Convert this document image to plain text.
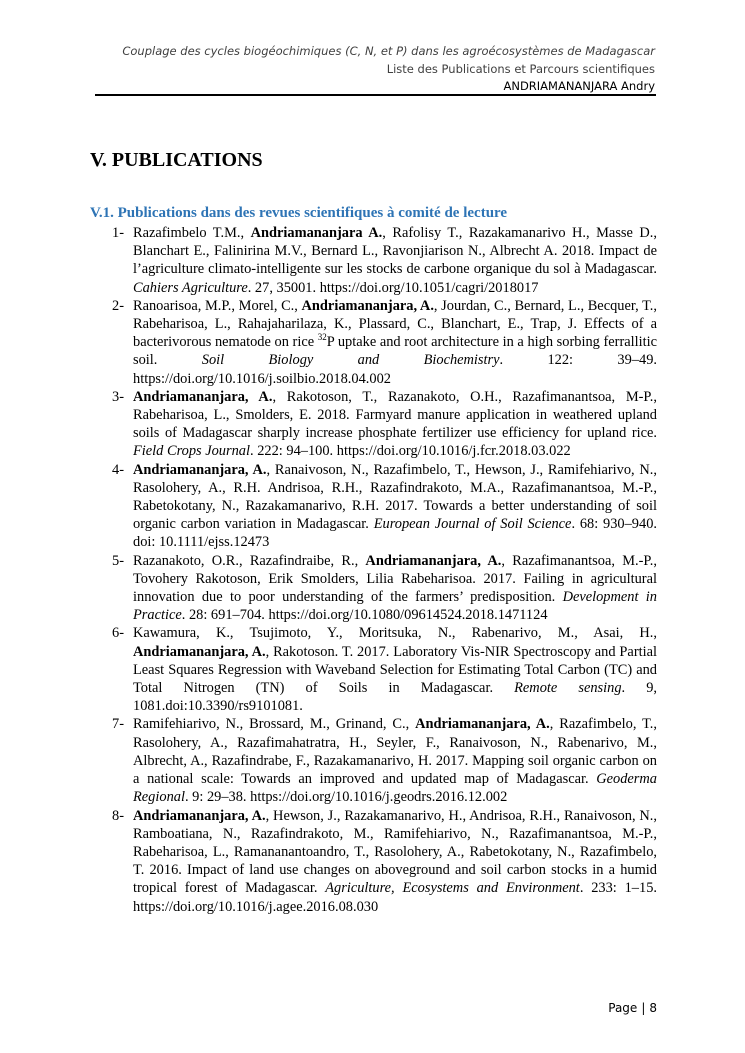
Couplage des cycles biogéochimiques (C, N, et P) dans les agroécosystèmes de Madagascar
Liste des Publications et Parcours scientifiques
ANDRIAMANANJARA Andry
V. PUBLICATIONS
V.1. Publications dans des revues scientifiques à comité de lecture
1- Razafimbelo T.M., Andriamananjara A., Rafolisy T., Razakamanarivo H., Masse D., Blanchart E., Falinirina M.V., Bernard L., Ravonjiarison N., Albrecht A. 2018. Impact de l’agriculture climato-intelligente sur les stocks de carbone organique du sol à Madagascar. Cahiers Agriculture. 27, 35001. https://doi.org/10.1051/cagri/2018017
2- Ranoarisoa, M.P., Morel, C., Andriamananjara, A., Jourdan, C., Bernard, L., Becquer, T., Rabeharisoa, L., Rahajaharilaza, K., Plassard, C., Blanchart, E., Trap, J. Effects of a bacterivorous nematode on rice $^{32}$P uptake and root architecture in a high sorbing ferrallitic soil. Soil Biology and Biochemistry. 122: 39–49. https://doi.org/10.1016/j.soilbio.2018.04.002
3- Andriamananjara, A., Rakotoson, T., Razanakoto, O.H., Razafimanantsoa, M-P., Rabeharisoa, L., Smolders, E. 2018. Farmyard manure application in weathered upland soils of Madagascar sharply increase phosphate fertilizer use efficiency for upland rice. Field Crops Journal. 222: 94–100. https://doi.org/10.1016/j.fcr.2018.03.022
4- Andriamananjara, A., Ranaivoson, N., Razafimbelo, T., Hewson, J., Ramifehiarivo, N., Rasolohery, A., R.H. Andrisoa, R.H., Razafindrakoto, M.A., Razafimanantsoa, M.-P., Rabetokotany, N., Razakamanarivo, R.H. 2017. Towards a better understanding of soil organic carbon variation in Madagascar. European Journal of Soil Science. 68: 930–940. doi: 10.1111/ejss.12473
5- Razanakoto, O.R., Razafindraibe, R., Andriamananjara, A., Razafimanantsoa, M.-P., Tovohery Rakotoson, Erik Smolders, Lilia Rabeharisoa. 2017. Failing in agricultural innovation due to poor understanding of the farmers’ predisposition. Development in Practice. 28: 691–704. https://doi.org/10.1080/09614524.2018.1471124
6- Kawamura, K., Tsujimoto, Y., Moritsuka, N., Rabenarivo, M., Asai, H., Andriamananjara, A., Rakotoson. T. 2017. Laboratory Vis-NIR Spectroscopy and Partial Least Squares Regression with Waveband Selection for Estimating Total Carbon (TC) and Total Nitrogen (TN) of Soils in Madagascar. Remote sensing. 9, 1081.doi:10.3390/rs9101081.
7- Ramifehiarivo, N., Brossard, M., Grinand, C., Andriamananjara, A., Razafimbelo, T., Rasolohery, A., Razafimahatratra, H., Seyler, F., Ranaivoson, N., Rabenarivo, M., Albrecht, A., Razafindrabe, F., Razakamanarivo, H. 2017. Mapping soil organic carbon on a national scale: Towards an improved and updated map of Madagascar. Geoderma Regional. 9: 29–38. https://doi.org/10.1016/j.geodrs.2016.12.002
8- Andriamananjara, A., Hewson, J., Razakamanarivo, H., Andrisoa, R.H., Ranaivoson, N., Ramboatiana, N., Razafindrakoto, M., Ramifehiarivo, N., Razafimanantsoa, M.-P., Rabeharisoa, L., Ramananantoandro, T., Rasolohery, A., Rabetokotany, N., Razafimbelo, T. 2016. Impact of land use changes on aboveground and soil carbon stocks in a humid tropical forest of Madagascar. Agriculture, Ecosystems and Environment. 233: 1–15. https://doi.org/10.1016/j.agee.2016.08.030
Page | 8
